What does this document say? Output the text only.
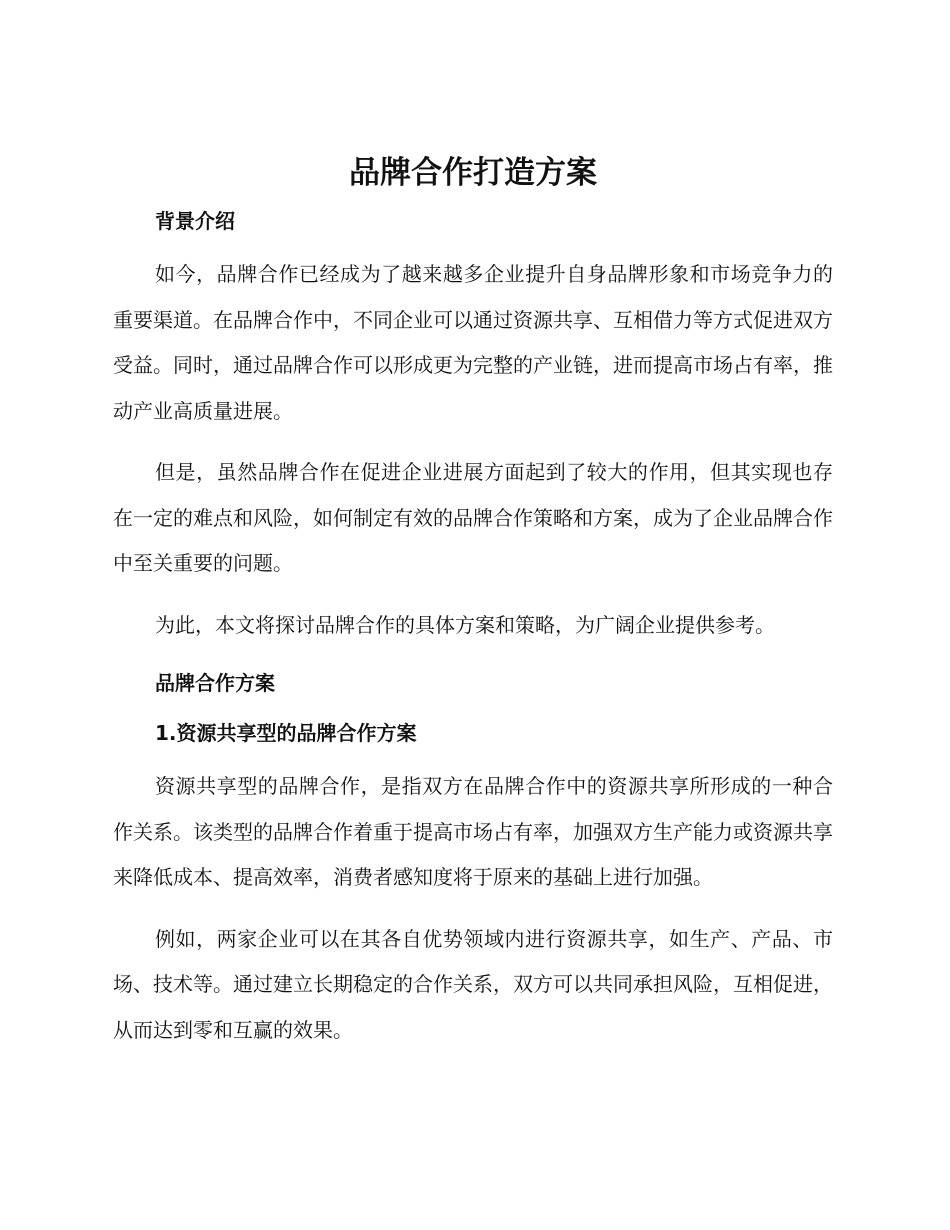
品牌合作打造方案
背景介绍

如今，品牌合作已经成为了越来越多企业提升自身品牌形象和市场竞争力的重要渠道。在品牌合作中，不同企业可以通过资源共享、互相借力等方式促进双方受益。同时，通过品牌合作可以形成更为完整的产业链，进而提高市场占有率，推动产业高质量进展。

但是，虽然品牌合作在促进企业进展方面起到了较大的作用，但其实现也存在一定的难点和风险，如何制定有效的品牌合作策略和方案，成为了企业品牌合作中至关重要的问题。

为此，本文将探讨品牌合作的具体方案和策略，为广阔企业提供参考。

品牌合作方案
1.资源共享型的品牌合作方案

资源共享型的品牌合作，是指双方在品牌合作中的资源共享所形成的一种合作关系。该类型的品牌合作着重于提高市场占有率，加强双方生产能力或资源共享来降低成本、提高效率，消费者感知度将于原来的基础上进行加强。

例如，两家企业可以在其各自优势领域内进行资源共享，如生产、产品、市场、技术等。通过建立长期稳定的合作关系，双方可以共同承担风险，互相促进，从而达到零和互赢的效果。
